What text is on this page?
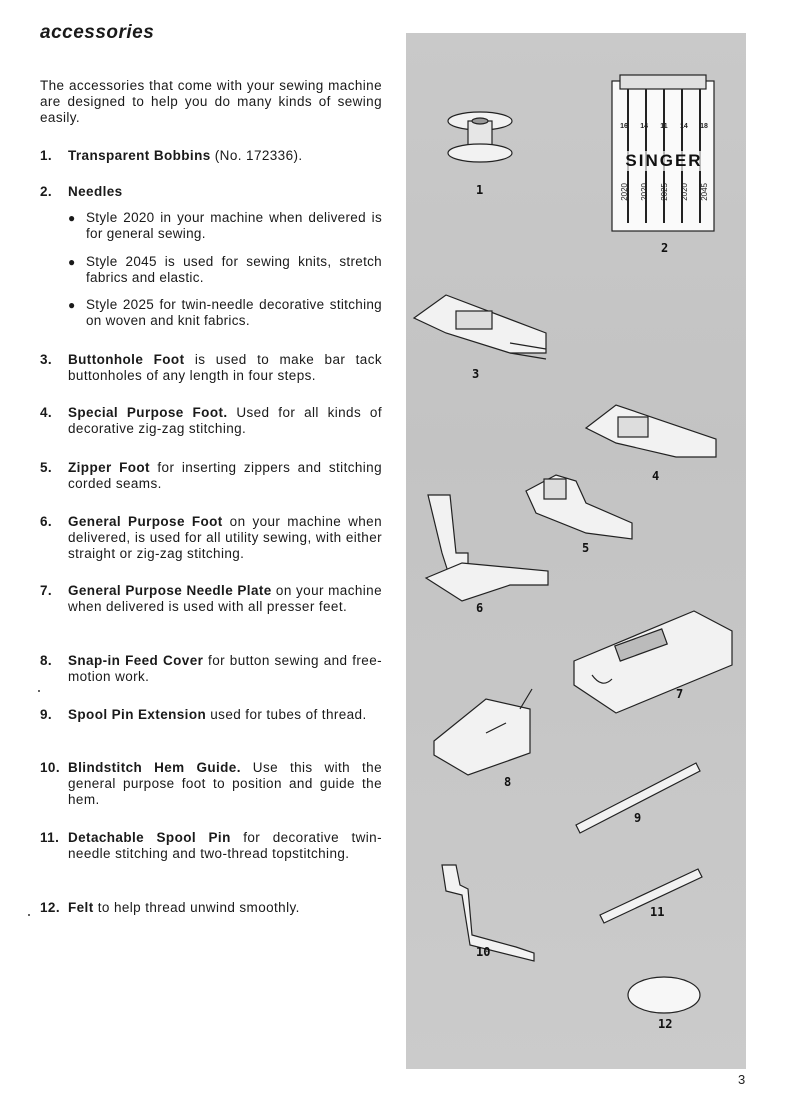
accessories
The accessories that come with your sewing machine are designed to help you do many kinds of sewing easily.
1. Transparent Bobbins (No. 172336).
2. Needles
● Style 2020 in your machine when delivered is for general sewing.
● Style 2045 is used for sewing knits, stretch fabrics and elastic.
● Style 2025 for twin-needle decorative stitching on woven and knit fabrics.
3. Buttonhole Foot is used to make bar tack buttonholes of any length in four steps.
4. Special Purpose Foot. Used for all kinds of decorative zig-zag stitching.
5. Zipper Foot for inserting zippers and stitching corded seams.
6. General Purpose Foot on your machine when delivered, is used for all utility sewing, with either straight or zig-zag stitching.
7. General Purpose Needle Plate on your machine when delivered is used with all presser feet.
8. Snap-in Feed Cover for button sewing and free-motion work.
9. Spool Pin Extension used for tubes of thread.
10. Blindstitch Hem Guide. Use this with the general purpose foot to position and guide the hem.
11. Detachable Spool Pin for decorative twin-needle stitching and two-thread topstitching.
12. Felt to help thread unwind smoothly.
1
2
3
4
5
6
7
8
9
10
11
12
SINGER
16 14 11 14 18
2020 2020 2025 2020 2045
3
